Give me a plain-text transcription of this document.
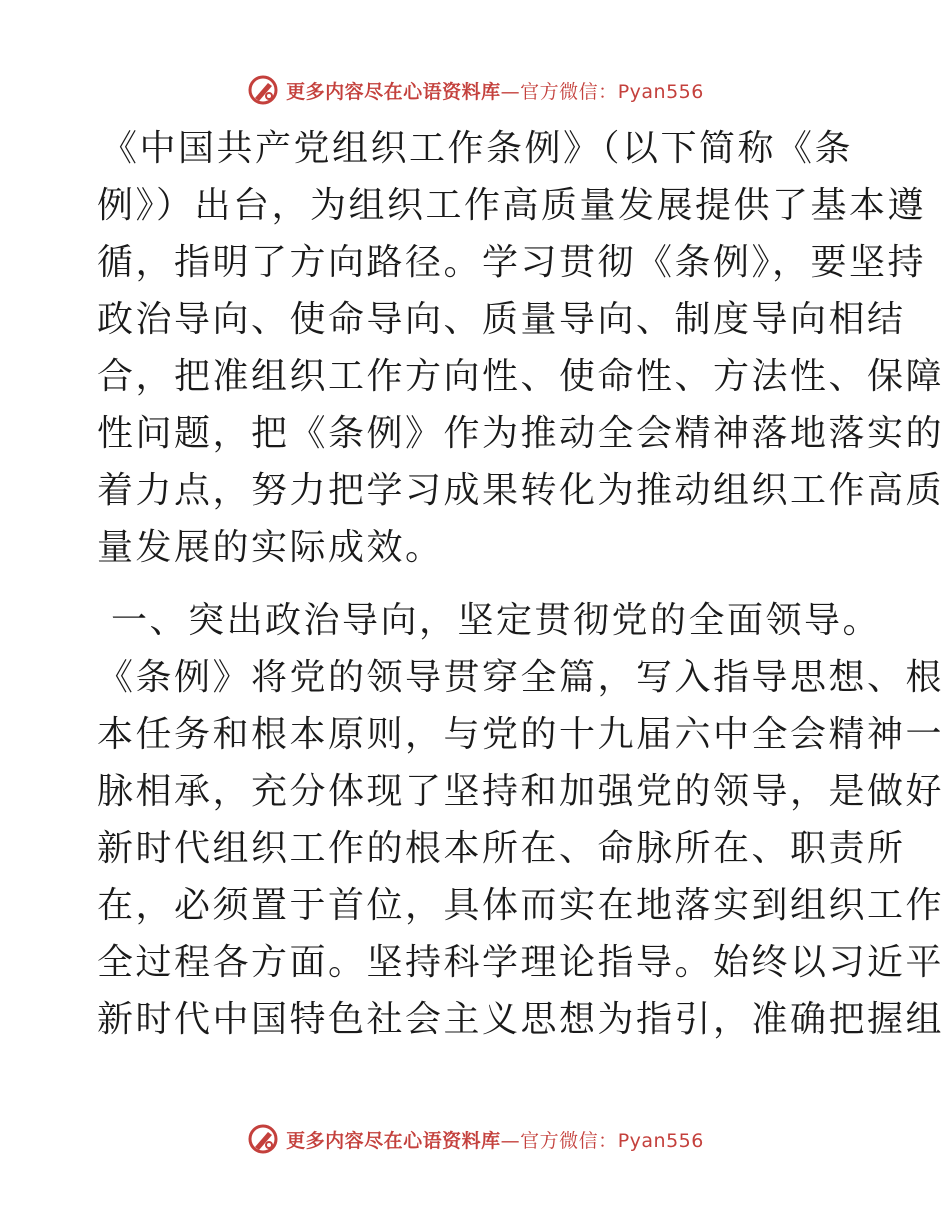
更多内容尽在心语资料库—官方微信：Pyan556
《中国共产党组织工作条例》（以下简称《条
例》）出台，为组织工作高质量发展提供了基本遵
循，指明了方向路径。学习贯彻《条例》，要坚持
政治导向、使命导向、质量导向、制度导向相结
合，把准组织工作方向性、使命性、方法性、保障
性问题，把《条例》作为推动全会精神落地落实的
着力点，努力把学习成果转化为推动组织工作高质
量发展的实际成效。
一、突出政治导向，坚定贯彻党的全面领导。
《条例》将党的领导贯穿全篇，写入指导思想、根
本任务和根本原则，与党的十九届六中全会精神一
脉相承，充分体现了坚持和加强党的领导，是做好
新时代组织工作的根本所在、命脉所在、职责所
在，必须置于首位，具体而实在地落实到组织工作
全过程各方面。坚持科学理论指导。始终以习近平
新时代中国特色社会主义思想为指引，准确把握组
更多内容尽在心语资料库—官方微信：Pyan556
